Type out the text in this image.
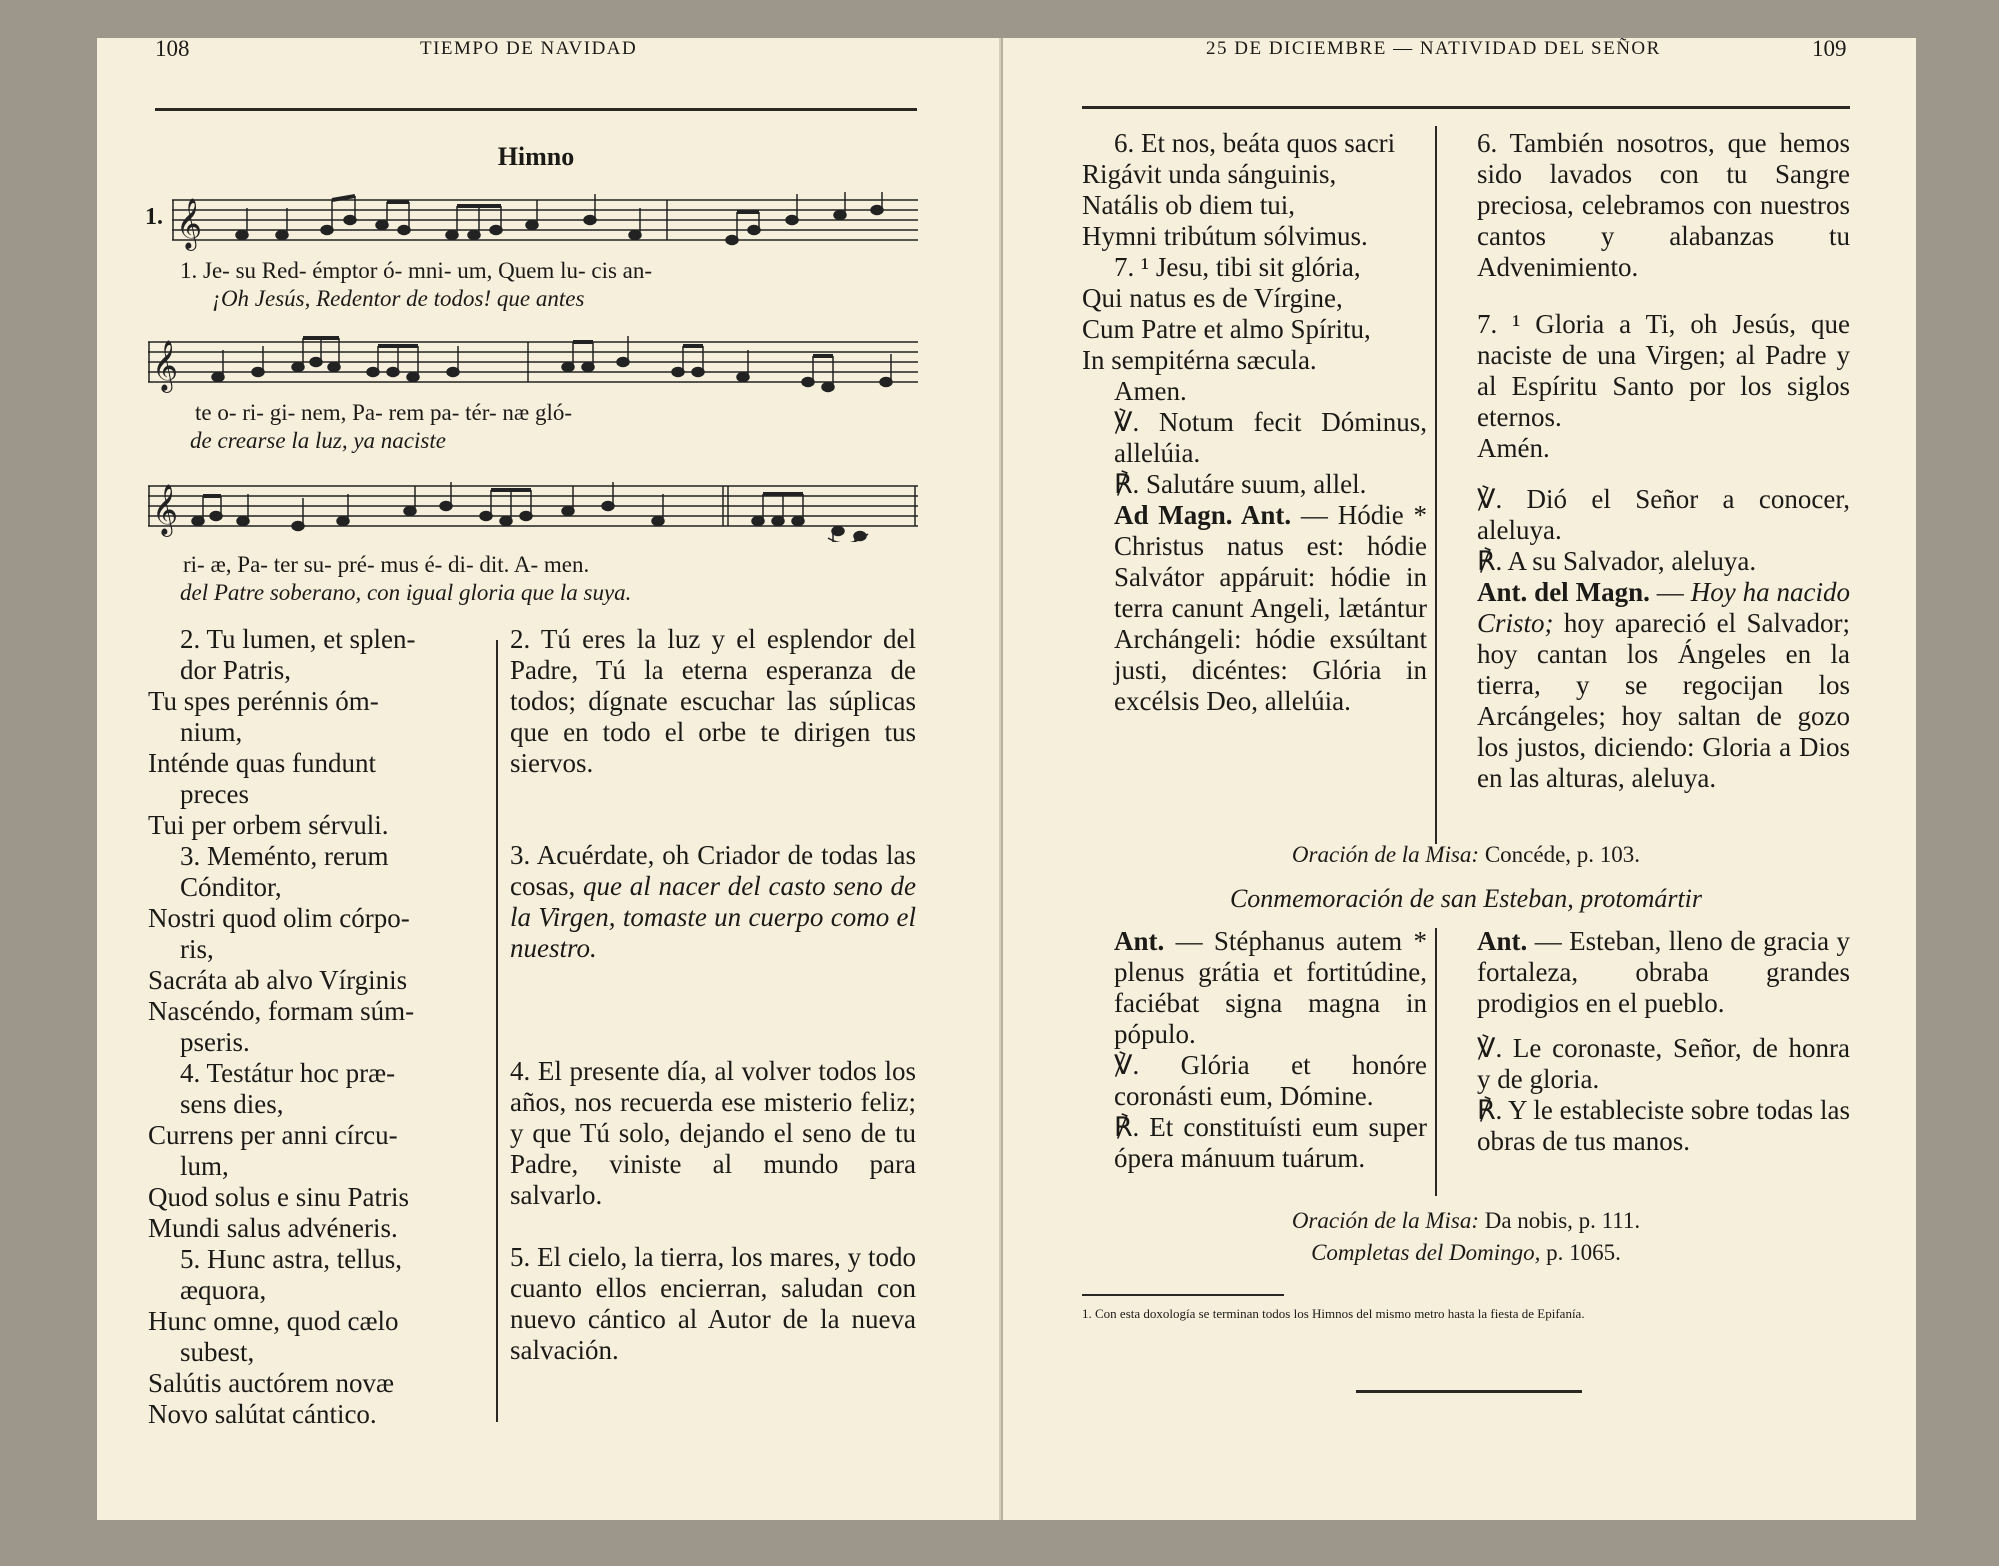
108	TIEMPO DE NAVIDAD
Himno
1. 𝄞
1. Je- su Red- émptor ó- mni- um, Quem lu- cis an-
¡Oh Jesús, Redentor de todos! que antes
𝄞
te o- ri- gi- nem, Pa- rem pa- tér- næ gló-
de crearse la luz, ya naciste
𝄞
ri- æ, Pa- ter su- pré- mus é- di- dit. A- men.
del Patre soberano, con igual gloria que la suya.

2. Tu lumen, et splen-

dor Patris,

Tu spes perénnis óm-

nium,

Inténde quas fundunt

preces

Tui per orbem sérvuli.

3. Meménto, rerum

Cónditor,

Nostri quod olim córpo-

ris,

Sacráta ab alvo Vírginis

Nascéndo, formam súm-

pseris.

4. Testátur hoc præ-

sens dies,

Currens per anni círcu-

lum,

Quod solus e sinu Patris

Mundi salus advéneris.

5. Hunc astra, tellus,

æquora,

Hunc omne, quod cælo

subest,

Salútis auctórem novæ

Novo salútat cántico.

2. Tú eres la luz y el esplendor del Padre, Tú la eterna esperanza de todos; dígnate escuchar las súplicas que en todo el orbe te dirigen tus siervos.
3. Acuérdate, oh Criador de todas las cosas, que al nacer del casto seno de la Virgen, tomaste un cuerpo como el nuestro.
4. El presente día, al volver todos los años, nos recuerda ese misterio feliz; y que Tú solo, dejando el seno de tu Padre, viniste al mundo para salvarlo.
5. El cielo, la tierra, los mares, y todo cuanto ellos encierran, saludan con nuevo cántico al Autor de la nueva salvación.
25 DE DICIEMBRE — NATIVIDAD DEL SEÑOR	109

6. Et nos, beáta quos sacri

Rigávit unda sánguinis,

Natális ob diem tui,

Hymni tribútum sólvimus.

7. ¹ Jesu, tibi sit glória,

Qui natus es de Vírgine,

Cum Patre et almo Spíritu,

In sempitérna sæcula.

Amen.

℣. Notum fecit Dóminus, allelúia.

℟. Salutáre suum, allel.

Ad Magn. Ant. — Hódie * Christus natus est: hódie Salvátor appáruit: hódie in terra canunt Angeli, lætántur Archángeli: hódie exsúltant justi, dicéntes: Glória in excélsis Deo, allelúia.

6. También nosotros, que hemos sido lavados con tu Sangre preciosa, celebramos con nuestros cantos y alabanzas tu Advenimiento.

7. ¹ Gloria a Ti, oh Jesús, que naciste de una Virgen; al Padre y al Espíritu Santo por los siglos eternos.

Amén.

℣. Dió el Señor a conocer, aleluya.

℟. A su Salvador, aleluya.

Ant. del Magn. — Hoy ha nacido Cristo; hoy apareció el Salvador; hoy cantan los Ángeles en la tierra, y se regocijan los Arcángeles; hoy saltan de gozo los justos, diciendo: Gloria a Dios en las alturas, aleluya.

Oración de la Misa: Concéde, p. 103.
Conmemoración de san Esteban, protomártir

Ant. — Stéphanus autem * plenus grátia et fortitúdine, faciébat signa magna in pópulo.

℣. Glória et honóre coronásti eum, Dómine.

℟. Et constituísti eum super ópera mánuum tuárum.

Ant. — Esteban, lleno de gracia y fortaleza, obraba grandes prodigios en el pueblo.

℣. Le coronaste, Señor, de honra y de gloria.

℟. Y le estableciste sobre todas las obras de tus manos.

Oración de la Misa: Da nobis, p. 111.
Completas del Domingo, p. 1065.
1. Con esta doxología se terminan todos los Himnos del mismo metro hasta la fiesta de Epifanía.
